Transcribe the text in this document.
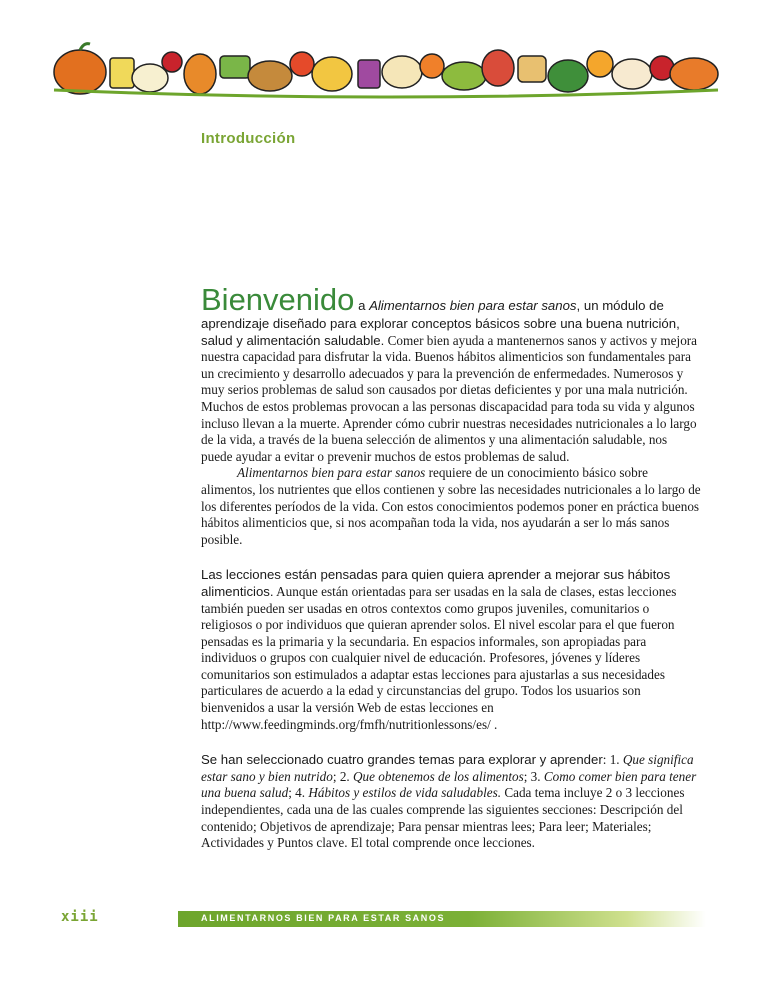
Introducción

Bienvenido a Alimentarnos bien para estar sanos, un módulo de aprendizaje diseñado para explorar conceptos básicos sobre una buena nutrición, salud y alimentación saludable. Comer bien ayuda a mantenernos sanos y activos y mejora nuestra capacidad para disfrutar la vida. Buenos hábitos alimenticios son fundamentales para un crecimiento y desarrollo adecuados y para la prevención de enfermedades. Numerosos y muy serios problemas de salud son causados por dietas deficientes y por una mala nutrición. Muchos de estos problemas provocan a las personas discapacidad para toda su vida y algunos incluso llevan a la muerte. Aprender cómo cubrir nuestras necesidades nutricionales a lo largo de la vida, a través de la buena selección de alimentos y una alimentación saludable, nos puede ayudar a evitar o prevenir muchos de estos problemas de salud.

Alimentarnos bien para estar sanos requiere de un conocimiento básico sobre alimentos, los nutrientes que ellos contienen y sobre las necesidades nutricionales a lo largo de los diferentes períodos de la vida. Con estos conocimientos podemos poner en práctica buenos hábitos alimenticios que, si nos acompañan toda la vida, nos ayudarán a ser lo más sanos posible.

Las lecciones están pensadas para quien quiera aprender a mejorar sus hábitos alimenticios. Aunque están orientadas para ser usadas en la sala de clases, estas lecciones también pueden ser usadas en otros contextos como grupos juveniles, comunitarios o religiosos o por individuos que quieran aprender solos. El nivel escolar para el que fueron pensadas es la primaria y la secundaria. En espacios informales, son apropiadas para individuos o grupos con cualquier nivel de educación. Profesores, jóvenes y líderes comunitarios son estimulados a adaptar estas lecciones para ajustarlas a sus necesidades particulares de acuerdo a la edad y circunstancias del grupo. Todos los usuarios son bienvenidos a usar la versión Web de estas lecciones en http://www.feedingminds.org/fmfh/nutritionlessons/es/ .

Se han seleccionado cuatro grandes temas para explorar y aprender: 1. Que significa estar sano y bien nutrido; 2. Que obtenemos de los alimentos; 3. Como comer bien para tener una buena salud; 4. Hábitos y estilos de vida saludables. Cada tema incluye 2 o 3 lecciones independientes, cada una de las cuales comprende las siguientes secciones: Descripción del contenido; Objetivos de aprendizaje; Para pensar mientras lees; Para leer; Materiales; Actividades y Puntos clave. El total comprende once lecciones.

xiii	ALIMENTARNOS BIEN PARA ESTAR SANOS
